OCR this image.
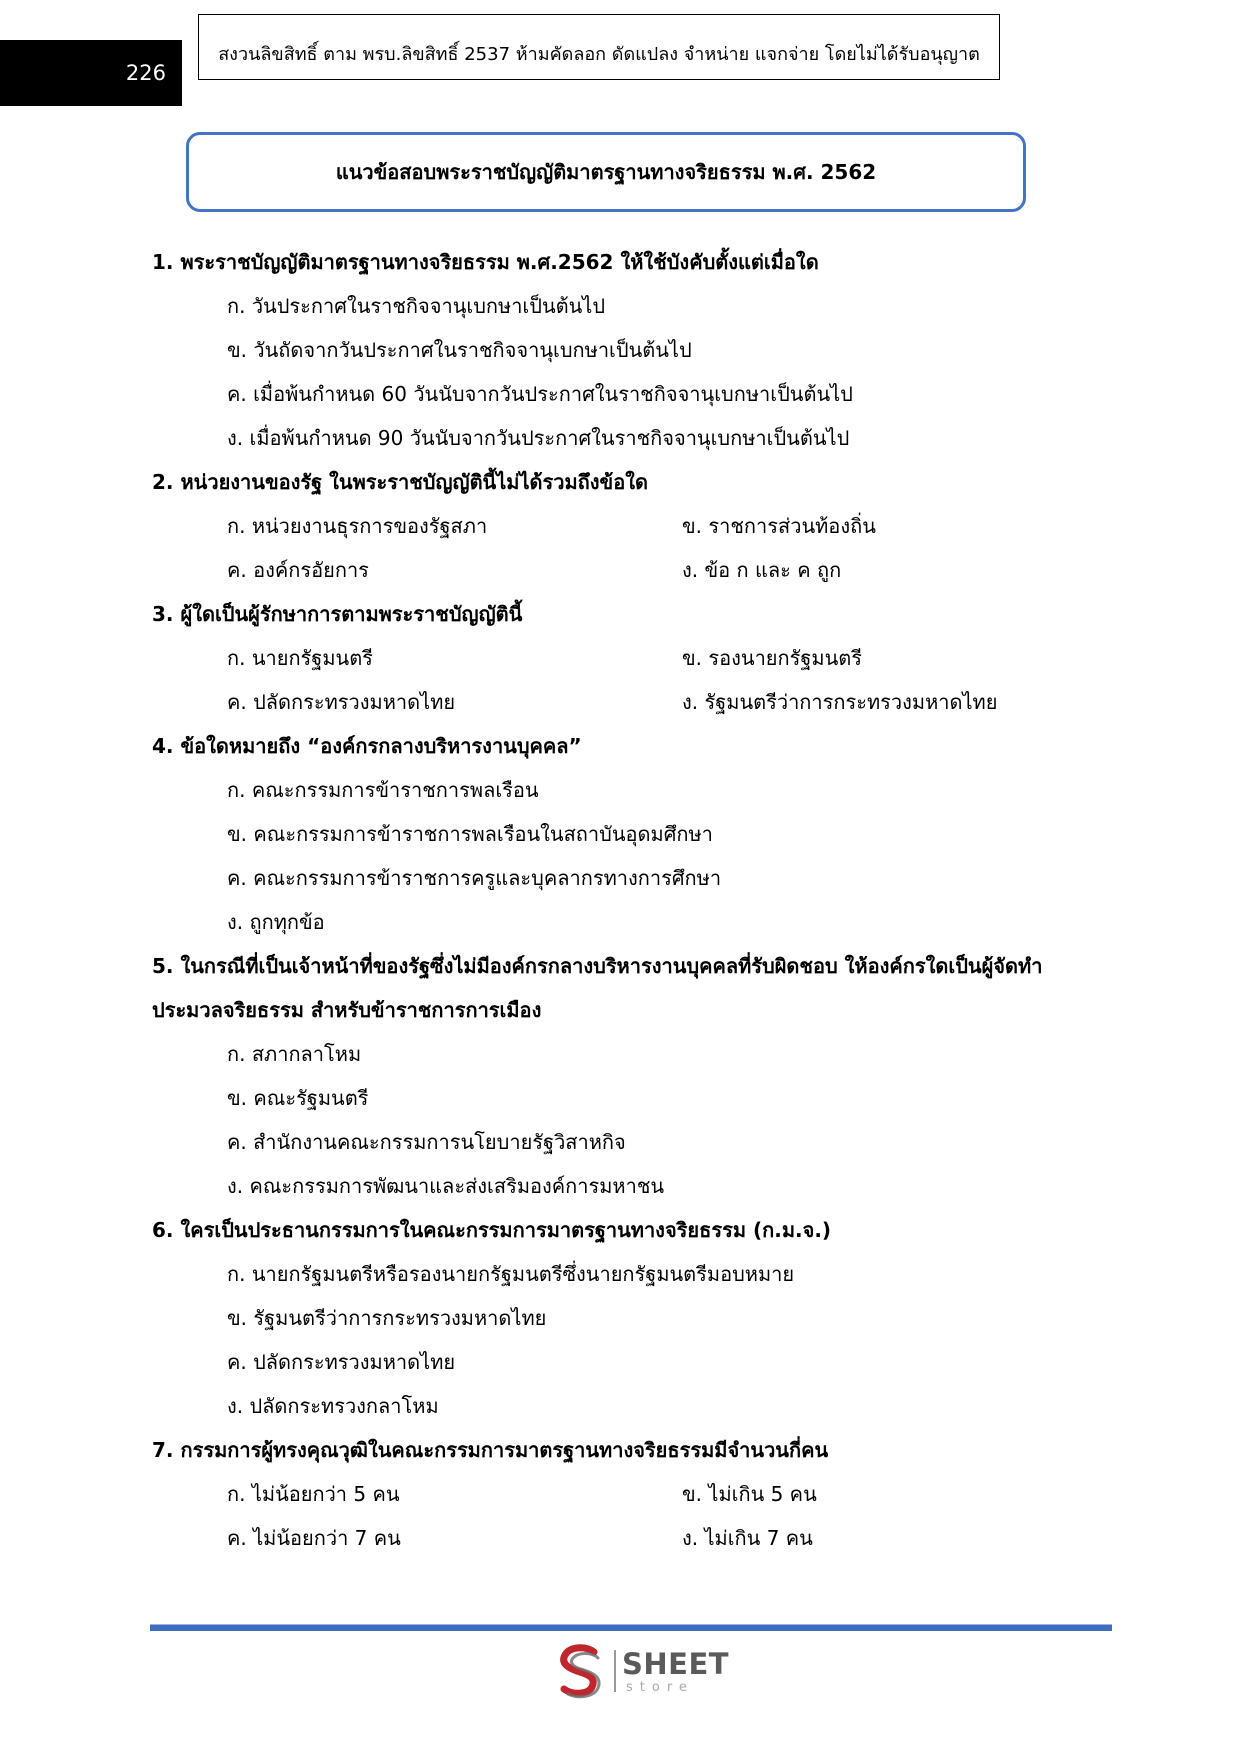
226
สงวนลิขสิทธิ์ ตาม พรบ.ลิขสิทธิ์ 2537 ห้ามคัดลอก ดัดแปลง จำหน่าย แจกจ่าย โดยไม่ได้รับอนุญาต
แนวข้อสอบพระราชบัญญัติมาตรฐานทางจริยธรรม พ.ศ. 2562
1. พระราชบัญญัติมาตรฐานทางจริยธรรม พ.ศ.2562 ให้ใช้บังคับตั้งแต่เมื่อใด
ก. วันประกาศในราชกิจจานุเบกษาเป็นต้นไป
ข. วันถัดจากวันประกาศในราชกิจจานุเบกษาเป็นต้นไป
ค. เมื่อพ้นกำหนด 60 วันนับจากวันประกาศในราชกิจจานุเบกษาเป็นต้นไป
ง. เมื่อพ้นกำหนด 90 วันนับจากวันประกาศในราชกิจจานุเบกษาเป็นต้นไป
2. หน่วยงานของรัฐ ในพระราชบัญญัตินี้ไม่ได้รวมถึงข้อใด
ก. หน่วยงานธุรการของรัฐสภา	ข. ราชการส่วนท้องถิ่น
ค. องค์กรอัยการ	ง. ข้อ ก และ ค ถูก
3. ผู้ใดเป็นผู้รักษาการตามพระราชบัญญัตินี้
ก. นายกรัฐมนตรี	ข. รองนายกรัฐมนตรี
ค. ปลัดกระทรวงมหาดไทย	ง. รัฐมนตรีว่าการกระทรวงมหาดไทย
4. ข้อใดหมายถึง “องค์กรกลางบริหารงานบุคคล”
ก. คณะกรรมการข้าราชการพลเรือน
ข. คณะกรรมการข้าราชการพลเรือนในสถาบันอุดมศึกษา
ค. คณะกรรมการข้าราชการครูและบุคลากรทางการศึกษา
ง. ถูกทุกข้อ
5. ในกรณีที่เป็นเจ้าหน้าที่ของรัฐซึ่งไม่มีองค์กรกลางบริหารงานบุคคลที่รับผิดชอบ ให้องค์กรใดเป็นผู้จัดทำประมวลจริยธรรม สำหรับข้าราชการการเมือง
ก. สภากลาโหม
ข. คณะรัฐมนตรี
ค. สำนักงานคณะกรรมการนโยบายรัฐวิสาหกิจ
ง. คณะกรรมการพัฒนาและส่งเสริมองค์การมหาชน
6. ใครเป็นประธานกรรมการในคณะกรรมการมาตรฐานทางจริยธรรม (ก.ม.จ.)
ก. นายกรัฐมนตรีหรือรองนายกรัฐมนตรีซึ่งนายกรัฐมนตรีมอบหมาย
ข. รัฐมนตรีว่าการกระทรวงมหาดไทย
ค. ปลัดกระทรวงมหาดไทย
ง. ปลัดกระทรวงกลาโหม
7. กรรมการผู้ทรงคุณวุฒิในคณะกรรมการมาตรฐานทางจริยธรรมมีจำนวนกี่คน
ก. ไม่น้อยกว่า 5 คน	ข. ไม่เกิน 5 คน
ค. ไม่น้อยกว่า 7 คน	ง. ไม่เกิน 7 คน
SHEET
store
